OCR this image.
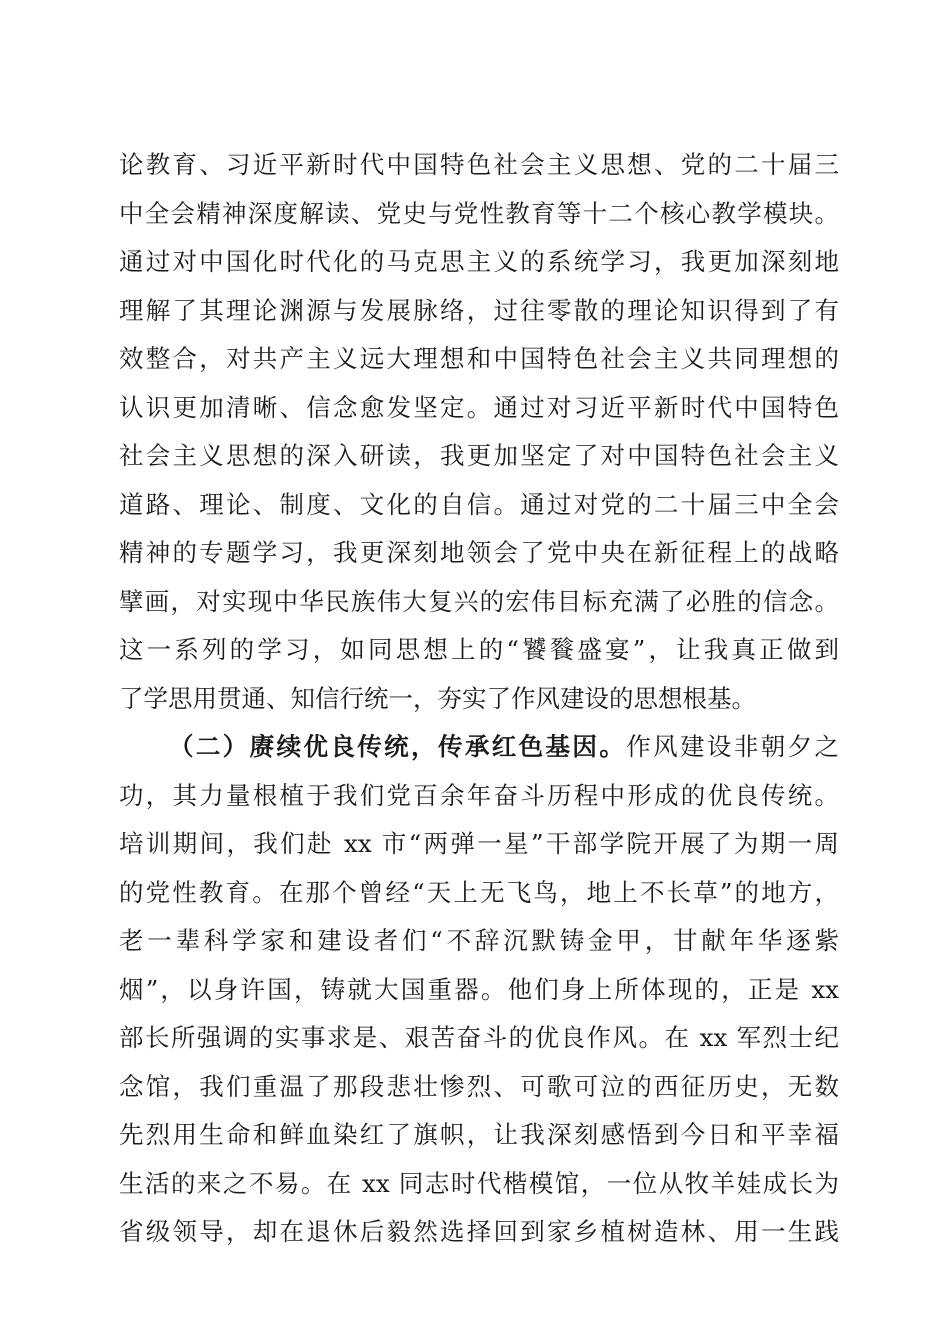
论教育、习近平新时代中国特色社会主义思想、党的二十届三
中全会精神深度解读、党史与党性教育等十二个核心教学模块。
通过对中国化时代化的马克思主义的系统学习，我更加深刻地
理解了其理论渊源与发展脉络，过往零散的理论知识得到了有
效整合，对共产主义远大理想和中国特色社会主义共同理想的
认识更加清晰、信念愈发坚定。通过对习近平新时代中国特色
社会主义思想的深入研读，我更加坚定了对中国特色社会主义
道路、理论、制度、文化的自信。通过对党的二十届三中全会
精神的专题学习，我更深刻地领会了党中央在新征程上的战略
擘画，对实现中华民族伟大复兴的宏伟目标充满了必胜的信念。
这一系列的学习，如同思想上的“饕餮盛宴”，让我真正做到
了学思用贯通、知信行统一，夯实了作风建设的思想根基。
（二）赓续优良传统，传承红色基因。作风建设非朝夕之
功，其力量根植于我们党百余年奋斗历程中形成的优良传统。
培训期间，我们赴 xx 市“两弹一星”干部学院开展了为期一周
的党性教育。在那个曾经“天上无飞鸟，地上不长草”的地方，
老一辈科学家和建设者们“不辞沉默铸金甲，甘献年华逐紫
烟”，以身许国，铸就大国重器。他们身上所体现的，正是 xx
部长所强调的实事求是、艰苦奋斗的优良作风。在 xx 军烈士纪
念馆，我们重温了那段悲壮惨烈、可歌可泣的西征历史，无数
先烈用生命和鲜血染红了旗帜，让我深刻感悟到今日和平幸福
生活的来之不易。在 xx 同志时代楷模馆，一位从牧羊娃成长为
省级领导，却在退休后毅然选择回到家乡植树造林、用一生践
